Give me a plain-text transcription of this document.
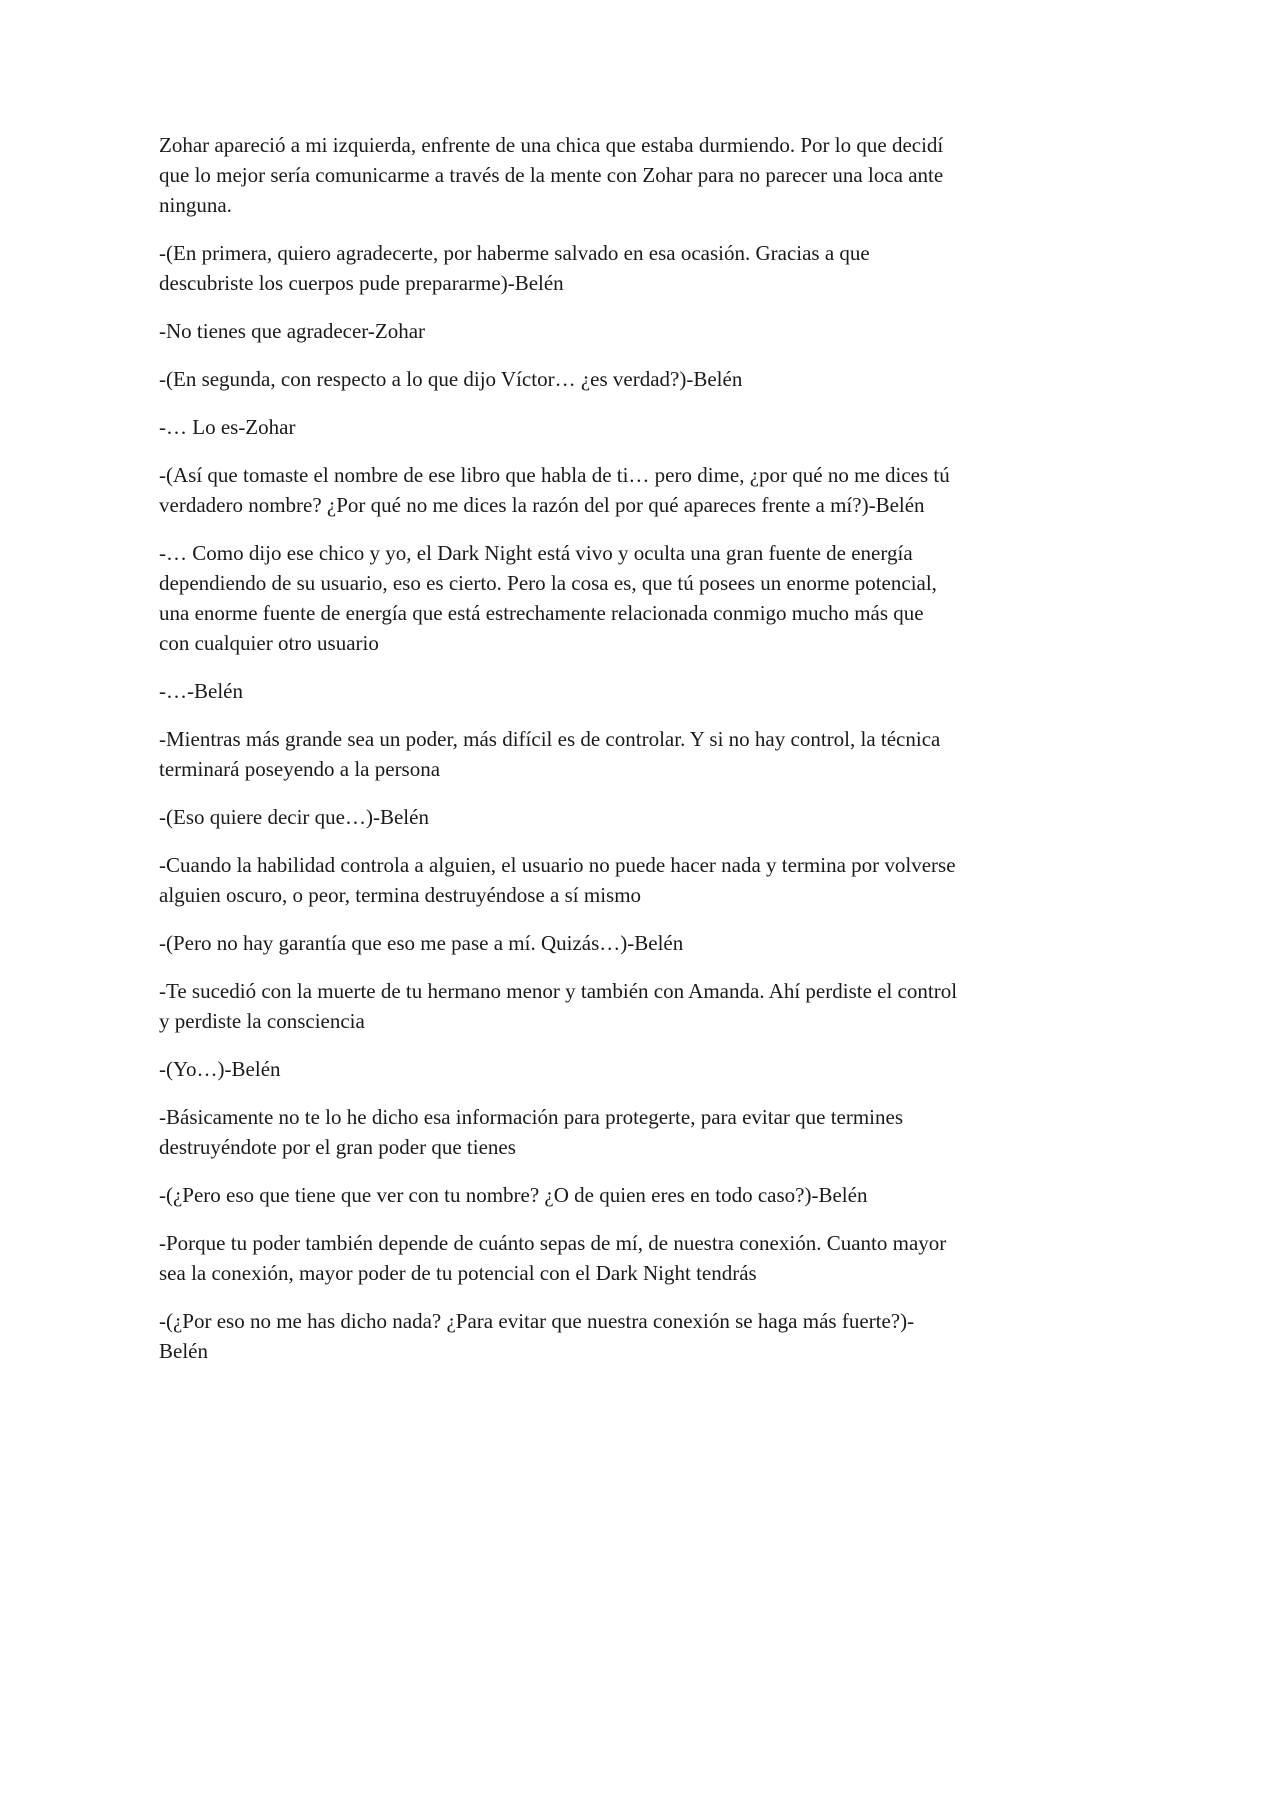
Zohar apareció a mi izquierda, enfrente de una chica que estaba durmiendo. Por lo que decidí que lo mejor sería comunicarme a través de la mente con Zohar para no parecer una loca ante ninguna.

-(En primera, quiero agradecerte, por haberme salvado en esa ocasión. Gracias a que descubriste los cuerpos pude prepararme)-Belén

-No tienes que agradecer-Zohar

-(En segunda, con respecto a lo que dijo Víctor… ¿es verdad?)-Belén

-… Lo es-Zohar

-(Así que tomaste el nombre de ese libro que habla de ti… pero dime, ¿por qué no me dices tú verdadero nombre? ¿Por qué no me dices la razón del por qué apareces frente a mí?)-Belén

-… Como dijo ese chico y yo, el Dark Night está vivo y oculta una gran fuente de energía dependiendo de su usuario, eso es cierto. Pero la cosa es, que tú posees un enorme potencial, una enorme fuente de energía que está estrechamente relacionada conmigo mucho más que con cualquier otro usuario

-…-Belén

-Mientras más grande sea un poder, más difícil es de controlar. Y si no hay control, la técnica terminará poseyendo a la persona

-(Eso quiere decir que…)-Belén

-Cuando la habilidad controla a alguien, el usuario no puede hacer nada y termina por volverse alguien oscuro, o peor, termina destruyéndose a sí mismo

-(Pero no hay garantía que eso me pase a mí. Quizás…)-Belén

-Te sucedió con la muerte de tu hermano menor y también con Amanda. Ahí perdiste el control y perdiste la consciencia

-(Yo…)-Belén

-Básicamente no te lo he dicho esa información para protegerte, para evitar que termines destruyéndote por el gran poder que tienes

-(¿Pero eso que tiene que ver con tu nombre? ¿O de quien eres en todo caso?)-Belén

-Porque tu poder también depende de cuánto sepas de mí, de nuestra conexión. Cuanto mayor sea la conexión, mayor poder de tu potencial con el Dark Night tendrás

-(¿Por eso no me has dicho nada? ¿Para evitar que nuestra conexión se haga más fuerte?)-Belén
